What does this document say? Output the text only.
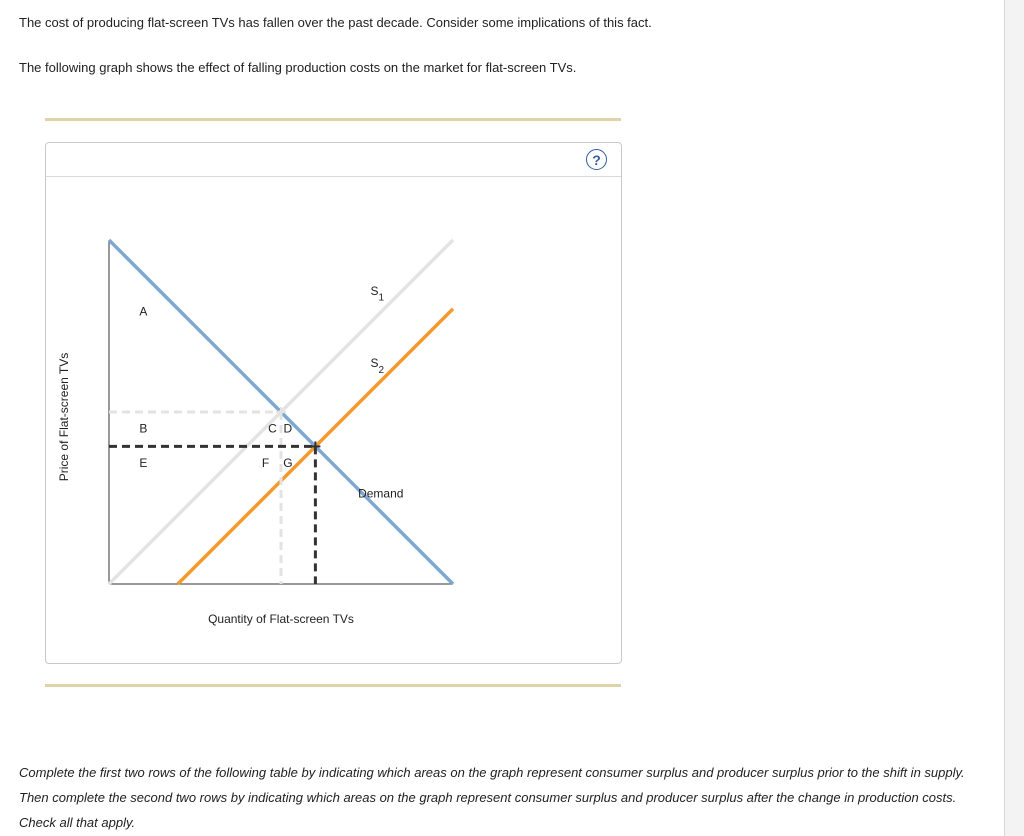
The cost of producing flat-screen TVs has fallen over the past decade. Consider some implications of this fact.

The following graph shows the effect of falling production costs on the market for flat-screen TVs.

?
Price of Flat-screen TVs
A
B
E
C D
F G
$S_1$
$S_2$
Demand
Quantity of Flat-screen TVs

Complete the first two rows of the following table by indicating which areas on the graph represent consumer surplus and producer surplus prior to the shift in supply. Then complete the second two rows by indicating which areas on the graph represent consumer surplus and producer surplus after the change in production costs. Check all that apply.
